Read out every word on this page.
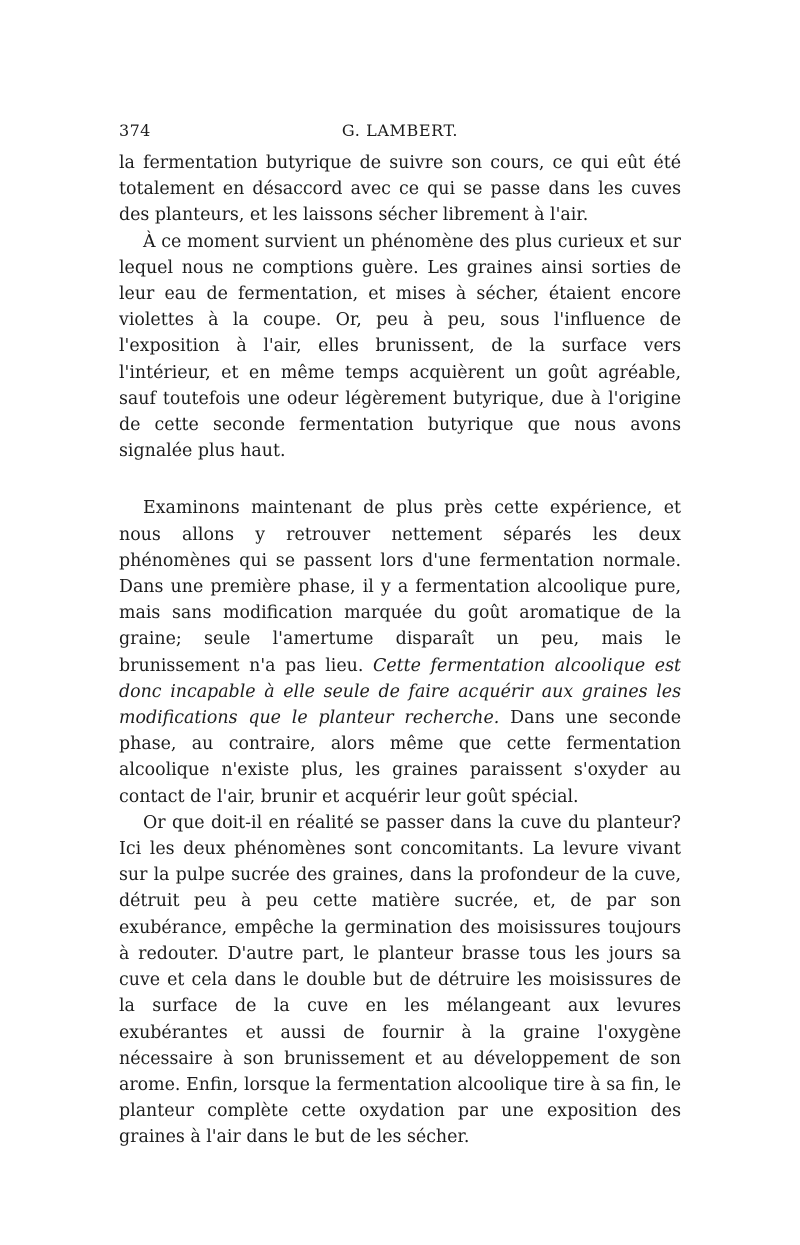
374	G. LAMBERT.

la fermentation butyrique de suivre son cours, ce qui eût été totalement en désaccord avec ce qui se passe dans les cuves des planteurs, et les laissons sécher librement à l'air.

À ce moment survient un phénomène des plus curieux et sur lequel nous ne comptions guère. Les graines ainsi sorties de leur eau de fermentation, et mises à sécher, étaient encore violettes à la coupe. Or, peu à peu, sous l'influence de l'exposition à l'air, elles brunissent, de la surface vers l'intérieur, et en même temps acquièrent un goût agréable, sauf toutefois une odeur légèrement butyrique, due à l'origine de cette seconde fermentation butyrique que nous avons signalée plus haut.

Examinons maintenant de plus près cette expérience, et nous allons y retrouver nettement séparés les deux phénomènes qui se passent lors d'une fermentation normale. Dans une première phase, il y a fermentation alcoolique pure, mais sans modification marquée du goût aromatique de la graine; seule l'amertume disparaît un peu, mais le brunissement n'a pas lieu. Cette fermentation alcoolique est donc incapable à elle seule de faire acquérir aux graines les modifications que le planteur recherche. Dans une seconde phase, au contraire, alors même que cette fermentation alcoolique n'existe plus, les graines paraissent s'oxyder au contact de l'air, brunir et acquérir leur goût spécial.

Or que doit-il en réalité se passer dans la cuve du planteur? Ici les deux phénomènes sont concomitants. La levure vivant sur la pulpe sucrée des graines, dans la profondeur de la cuve, détruit peu à peu cette matière sucrée, et, de par son exubérance, empêche la germination des moisissures toujours à redouter. D'autre part, le planteur brasse tous les jours sa cuve et cela dans le double but de détruire les moisissures de la surface de la cuve en les mélangeant aux levures exubérantes et aussi de fournir à la graine l'oxygène nécessaire à son brunissement et au développement de son arome. Enfin, lorsque la fermentation alcoolique tire à sa fin, le planteur complète cette oxydation par une exposition des graines à l'air dans le but de les sécher.
